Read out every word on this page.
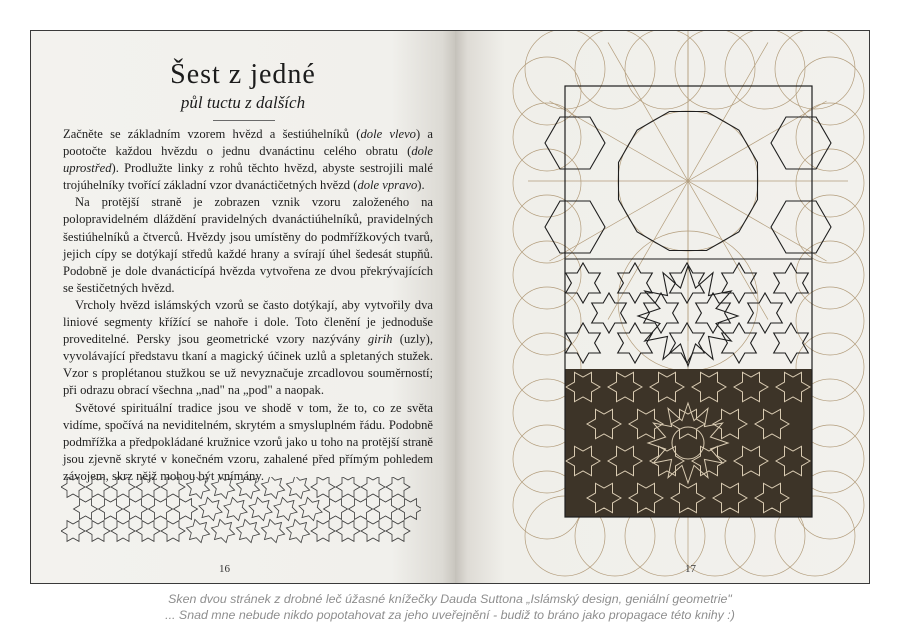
Šest z jedné
půl tuctu z dalších

Začněte se základním vzorem hvězd a šestiúhelníků (dole vlevo) a pootočte každou hvězdu o jednu dvanáctinu celého obratu (dole uprostřed). Prodlužte linky z rohů těchto hvězd, abyste sestrojili malé trojúhelníky tvořící základní vzor dvanáctičetných hvězd (dole vpravo).

Na protější straně je zobrazen vznik vzoru založeného na polopravidelném dláždění pravidelných dvanáctiúhelníků, pravidelných šestiúhelníků a čtverců. Hvězdy jsou umístěny do podmřížkových tvarů, jejich cípy se dotýkají středů každé hrany a svírají úhel šedesát stupňů. Podobně je dole dvanácticípá hvězda vytvořena ze dvou překrývajících se šestičetných hvězd.

Vrcholy hvězd islámských vzorů se často dotýkají, aby vytvořily dva liniové segmenty křížící se nahoře i dole. Toto členění je jednoduše proveditelné. Persky jsou geometrické vzory nazývány girih (uzly), vyvolávající představu tkaní a magický účinek uzlů a spletaných stužek. Vzor s proplétanou stužkou se už nevyznačuje zrcadlovou souměrností; při odrazu obrací všechna „nad" na „pod" a naopak.

Světové spirituální tradice jsou ve shodě v tom, že to, co ze světa vidíme, spočívá na neviditelném, skrytém a smysluplném řádu. Podobně podmřížka a předpokládané kružnice vzorů jako u toho na protější straně jsou zjevně skryté v konečném vzoru, zahalené před přímým pohledem závojem, skrz nějž mohou být vnímány.

16	17
Sken dvou stránek z drobné leč úžasné knížečky Dauda Suttona „Islámský design, geniální geometrie"
... Snad mne nebude nikdo popotahovat za jeho uveřejnění - budiž to bráno jako propagace této knihy :)
